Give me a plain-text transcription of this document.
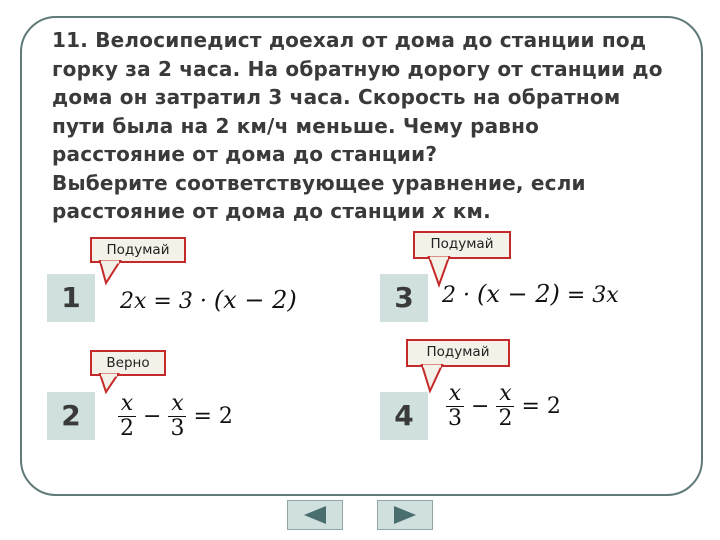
11. Велосипедист доехал от дома до станции под
горку за 2 часа. На обратную дорогу от станции до
дома он затратил 3 часа. Скорость на обратном
пути была на 2 км/ч меньше. Чему равно
расстояние от дома до станции?
Выберите соответствующее уравнение, если
расстояние от дома до станции x км.
Подумай	Подумай
Верно
Подумай
1	3
2	4
2x = 3 · (x − 2)	2 · (x − 2) = 3x
$\frac{x}{2} - \frac{x}{3} = 2$	$\frac{x}{3} - \frac{x}{2} = 2$
